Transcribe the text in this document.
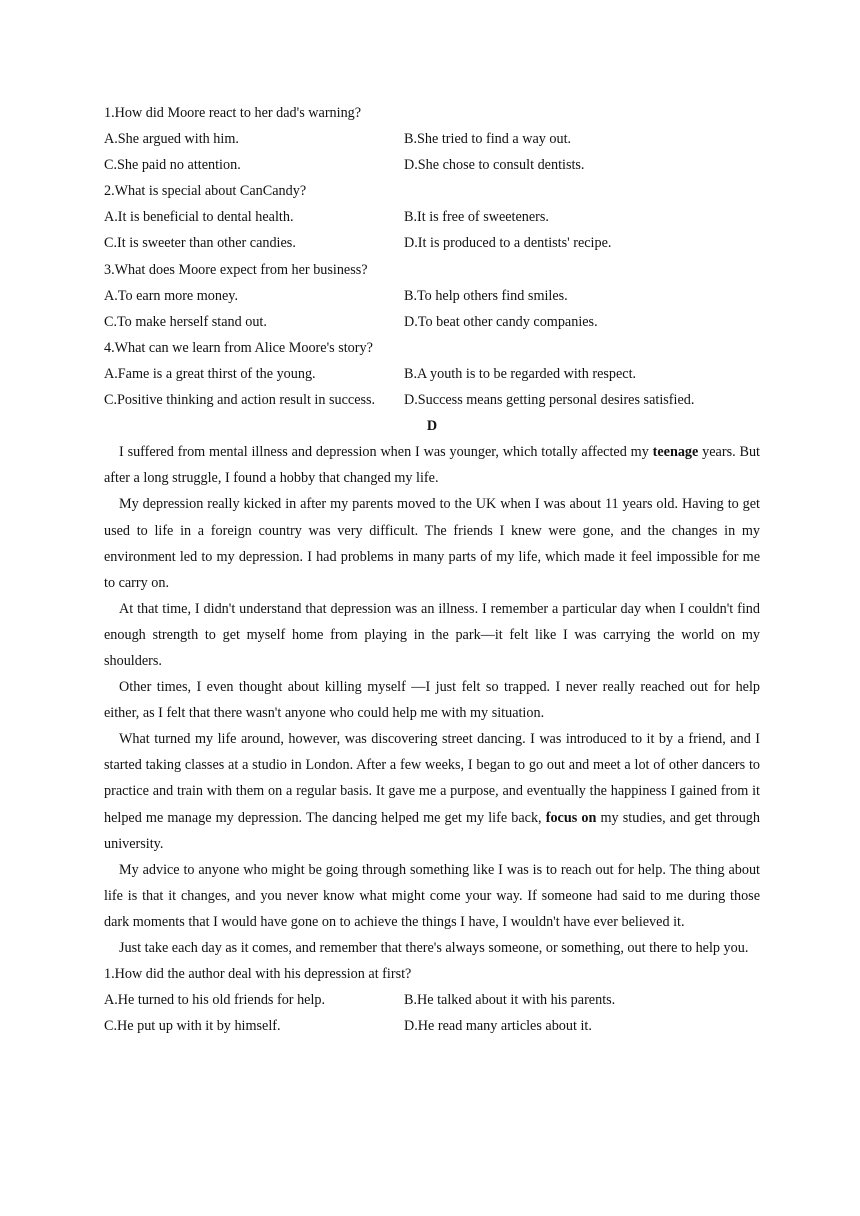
1.How did Moore react to her dad's warning?
A.She argued with him.	B.She tried to find a way out.
C.She paid no attention.	D.She chose to consult dentists.
2.What is special about CanCandy?
A.It is beneficial to dental health.	B.It is free of sweeteners.
C.It is sweeter than other candies.	D.It is produced to a dentists' recipe.
3.What does Moore expect from her business?
A.To earn more money.	B.To help others find smiles.
C.To make herself stand out.	D.To beat other candy companies.
4.What can we learn from Alice Moore's story?
A.Fame is a great thirst of the young.	B.A youth is to be regarded with respect.
C.Positive thinking and action result in success.	D.Success means getting personal desires satisfied.
D
I suffered from mental illness and depression when I was younger, which totally affected my teenage years. But after a long struggle, I found a hobby that changed my life.
My depression really kicked in after my parents moved to the UK when I was about 11 years old. Having to get used to life in a foreign country was very difficult. The friends I knew were gone, and the changes in my environment led to my depression. I had problems in many parts of my life, which made it feel impossible for me to carry on.
At that time, I didn't understand that depression was an illness. I remember a particular day when I couldn't find enough strength to get myself home from playing in the park—it felt like I was carrying the world on my shoulders.
Other times, I even thought about killing myself —I just felt so trapped. I never really reached out for help either, as I felt that there wasn't anyone who could help me with my situation.
What turned my life around, however, was discovering street dancing. I was introduced to it by a friend, and I started taking classes at a studio in London. After a few weeks, I began to go out and meet a lot of other dancers to practice and train with them on a regular basis. It gave me a purpose, and eventually the happiness I gained from it helped me manage my depression. The dancing helped me get my life back, focus on my studies, and get through university.
My advice to anyone who might be going through something like I was is to reach out for help. The thing about life is that it changes, and you never know what might come your way. If someone had said to me during those dark moments that I would have gone on to achieve the things I have, I wouldn't have ever believed it.
Just take each day as it comes, and remember that there's always someone, or something, out there to help you.
1.How did the author deal with his depression at first?
A.He turned to his old friends for help.	B.He talked about it with his parents.
C.He put up with it by himself.	D.He read many articles about it.
